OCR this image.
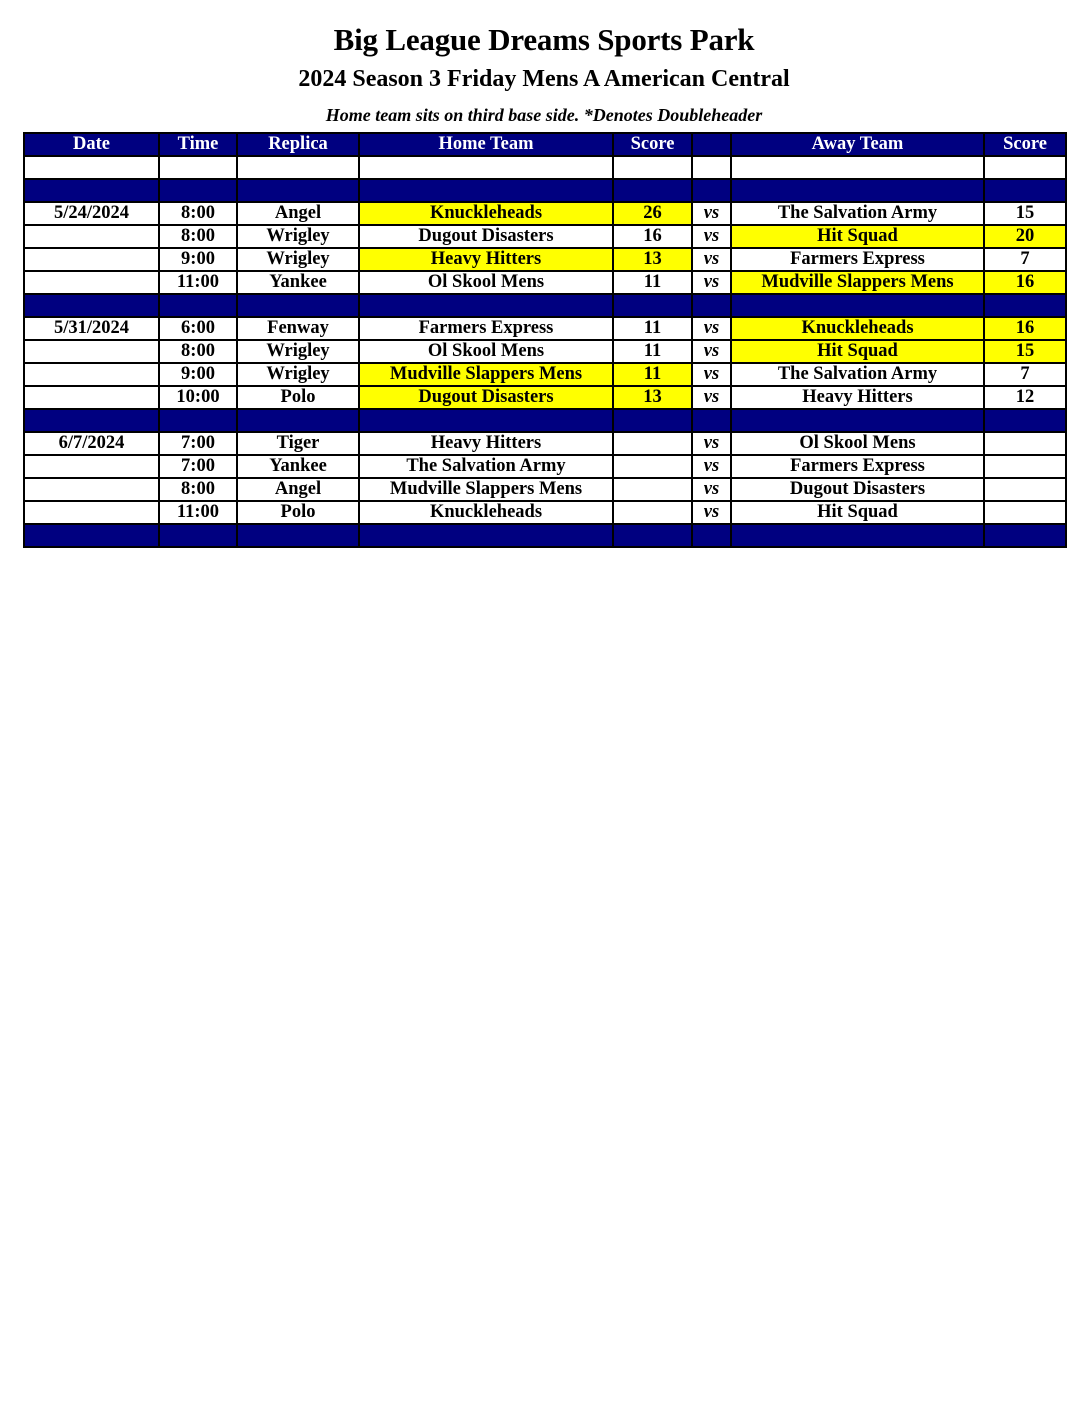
Big League Dreams Sports Park
2024 Season 3 Friday Mens A American Central
Home team sits on third base side. *Denotes Doubleheader
Date	Time	Replica	Home Team	Score		Away Team	Score

5/24/2024	8:00	Angel	Knuckleheads	26	vs	The Salvation Army	15
	8:00	Wrigley	Dugout Disasters	16	vs	Hit Squad	20
	9:00	Wrigley	Heavy Hitters	13	vs	Farmers Express	7
	11:00	Yankee	Ol Skool Mens	11	vs	Mudville Slappers Mens	16

5/31/2024	6:00	Fenway	Farmers Express	11	vs	Knuckleheads	16
	8:00	Wrigley	Ol Skool Mens	11	vs	Hit Squad	15
	9:00	Wrigley	Mudville Slappers Mens	11	vs	The Salvation Army	7
	10:00	Polo	Dugout Disasters	13	vs	Heavy Hitters	12

6/7/2024	7:00	Tiger	Heavy Hitters		vs	Ol Skool Mens	
	7:00	Yankee	The Salvation Army		vs	Farmers Express	
	8:00	Angel	Mudville Slappers Mens		vs	Dugout Disasters	
	11:00	Polo	Knuckleheads		vs	Hit Squad	
